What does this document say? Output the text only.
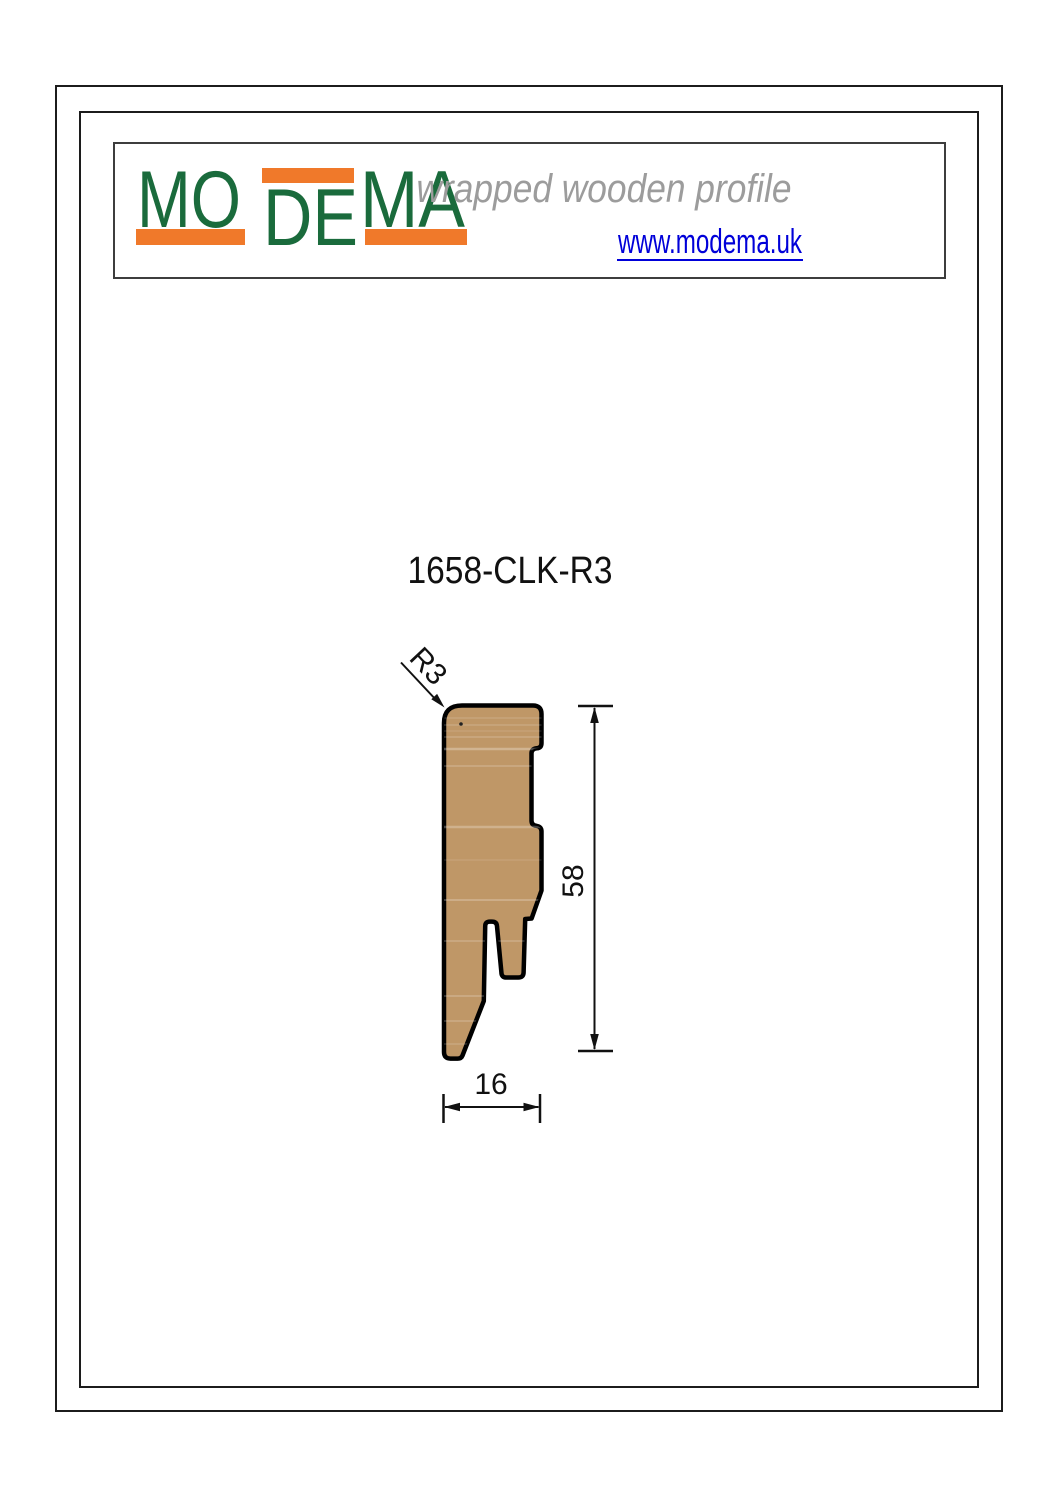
MO DE MA
wrapped wooden profile
www.modema.uk
1658-CLK-R3
R3
58
16
